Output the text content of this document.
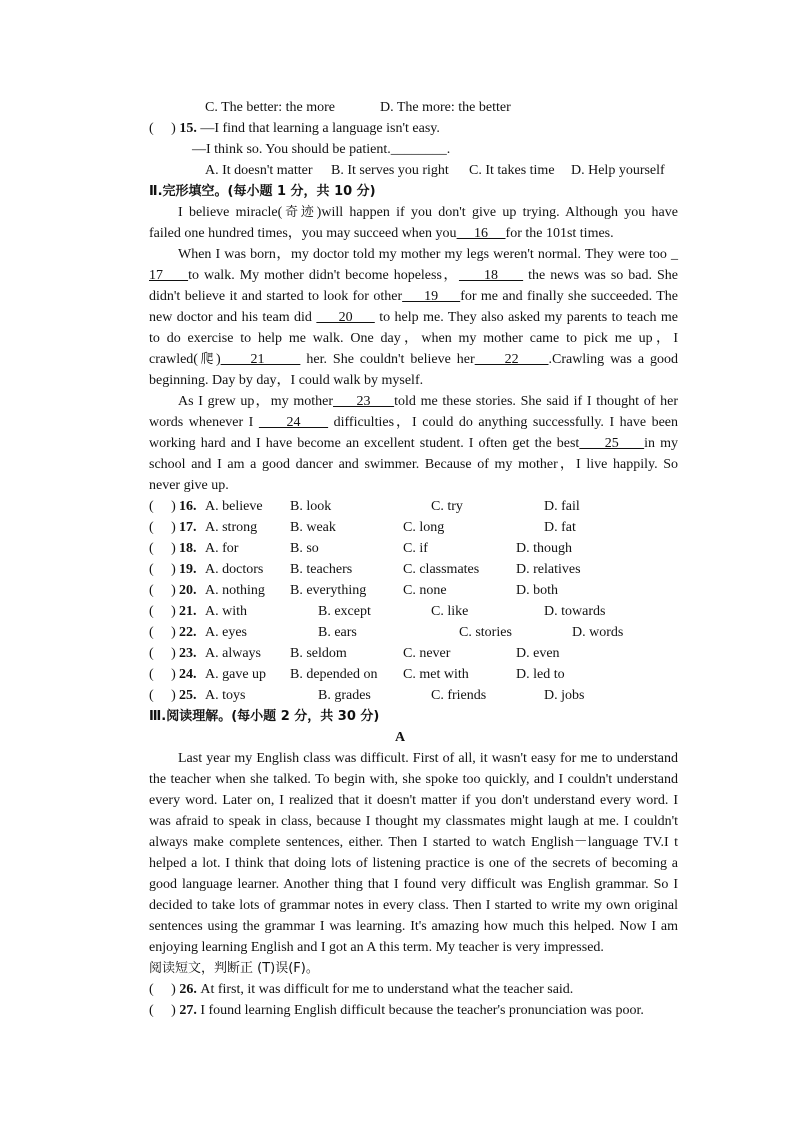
C. The better: the more	D. The more: the better
(     ) 15. —I find that learning a language isn't easy.
—I think so. You should be patient.________.
A. It doesn't matter B. It serves you right C. It takes time D. Help yourself
Ⅱ.完形填空。(每小题 1 分，共 10 分)
I believe miracle(奇迹)will happen if you don't give up trying. Although you have
failed one hundred times，you may succeed when you     16     for the 101st times.
When I was born，my doctor told my mother my legs weren't normal. They were too _
17     to walk. My mother didn't become hopeless，     18      the news was so bad. She
didn't believe it and started to look for other     19     for me and finally she succeeded. The
new doctor and his team did      20      to help me. They also asked my parents to teach me
to do exercise to help me walk. One day，when my mother came to pick me up，I
crawled(爬)     21       her. She couldn't believe her     22     .Crawling was a good
beginning. Day by day，I could walk by myself.
As I grew up，my mother     23     told me these stories. She said if I thought of her
words whenever I      24      difficulties，I could do anything successfully. I have been
working hard and I have become an excellent student. I often get the best     25     in my
school and I am a good dancer and swimmer. Because of my mother，I live happily. So
never give up.
(     ) 16. A. believe B. look	C. try	D. fail
(     ) 17. A. strong B. weak	C. long	D. fat
(     ) 18. A. for	B. so	C. if	D. though
(     ) 19. A. doctors B. teachers	C. classmates	D. relatives
(     ) 20. A. nothing B. everything	C. none	D. both
(     ) 21. A. with	B. except	C. like	D. towards
(     ) 22. A. eyes	B. ears	C. stories	D. words
(     ) 23. A. always B. seldom	C. never	D. even
(     ) 24. A. gave up B. depended on C. met with	D. led to
(     ) 25. A. toys	B. grades	C. friends	D. jobs
Ⅲ.阅读理解。(每小题 2 分，共 30 分)
A
Last year my English class was difficult. First of all, it wasn't easy for me to understand
the teacher when she talked. To begin with, she spoke too quickly, and I couldn't understand
every word. Later on, I realized that it doesn't matter if you don't understand every word. I
was afraid to speak in class, because I thought my classmates might laugh at me. I couldn't
always make complete sentences, either. Then I started to watch English－language TV.I t
helped a lot. I think that doing lots of listening practice is one of the secrets of becoming a
good language learner. Another thing that I found very difficult was English grammar. So I
decided to take lots of grammar notes in every class. Then I started to write my own original
sentences using the grammar I was learning. It's amazing how much this helped. Now I am
enjoying learning English and I got an A this term. My teacher is very impressed.
阅读短文，判断正 (T)误(F)。
(     ) 26. At first, it was difficult for me to understand what the teacher said.
(     ) 27. I found learning English difficult because the teacher's pronunciation was poor.
